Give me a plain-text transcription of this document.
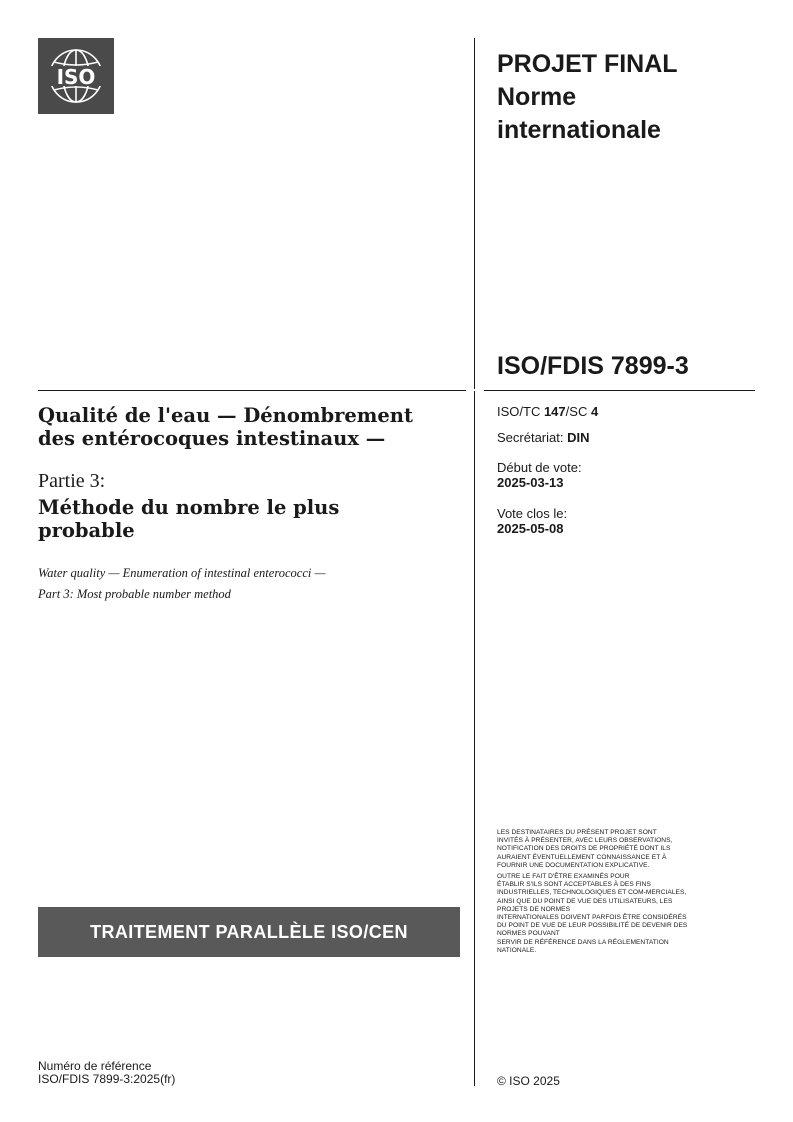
ISO	PROJET FINAL
Norme
internationale
ISO/FDIS 7899-3
ISO/TC 147/SC 4
Secrétariat: DIN
Début de vote:
2025-03-13
Vote clos le:
2025-05-08
Qualité de l'eau — Dénombrement
des entérocoques intestinaux —
Partie 3:
Méthode du nombre le plus
probable
Water quality — Enumeration of intestinal enterococci —
Part 3: Most probable number method
LES DESTINATAIRES DU PRÉSENT PROJET SONT
INVITÉS À PRÉSENTER, AVEC LEURS OBSERVATIONS,
NOTIFICATION DES DROITS DE PROPRIÉTÉ DONT ILS
AURAIENT ÉVENTUELLEMENT CONNAISSANCE ET À
FOURNIR UNE DOCUMENTATION EXPLICATIVE.
OUTRE LE FAIT D'ÊTRE EXAMINÉS POUR
ÉTABLIR S'ILS SONT ACCEPTABLES À DES FINS
INDUSTRIELLES, TECHNOLOGIQUES ET COM-MERCIALES,
AINSI QUE DU POINT DE VUE DES UTILISATEURS, LES
PROJETS DE NORMES
INTERNATIONALES DOIVENT PARFOIS ÊTRE CONSIDÉRÉS
DU POINT DE VUE DE LEUR POSSIBILITÉ DE DEVENIR DES
NORMES POUVANT
SERVIR DE RÉFÉRENCE DANS LA RÉGLEMENTATION
NATIONALE.
TRAITEMENT PARALLÈLE ISO/CEN
Numéro de référence
ISO/FDIS 7899-3:2025(fr)	© ISO 2025
